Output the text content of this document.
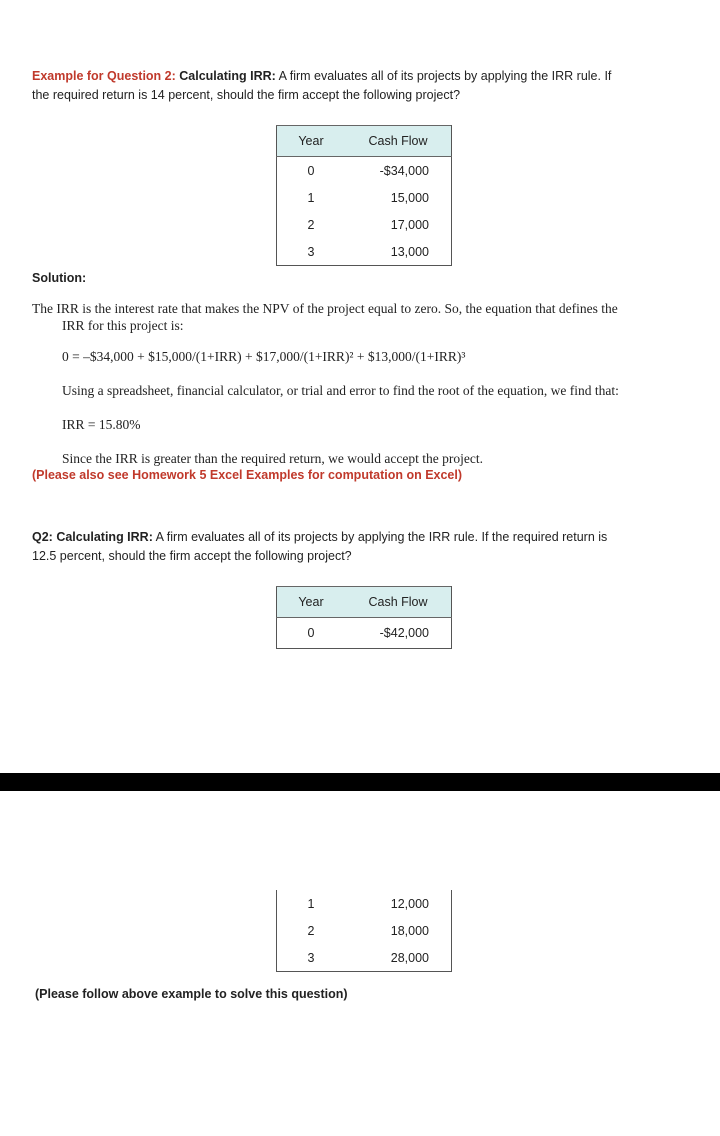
Example for Question 2: Calculating IRR: A firm evaluates all of its projects by applying the IRR rule. If
the required return is 14 percent, should the firm accept the following project?
Year	Cash Flow
0	-$34,000
1	15,000
2	17,000
3	13,000
Solution:
The IRR is the interest rate that makes the NPV of the project equal to zero. So, the equation that defines the
IRR for this project is:
0 = –$34,000 + $15,000/(1+IRR) + $17,000/(1+IRR)² + $13,000/(1+IRR)³
Using a spreadsheet, financial calculator, or trial and error to find the root of the equation, we find that:
IRR = 15.80%
Since the IRR is greater than the required return, we would accept the project.
(Please also see Homework 5 Excel Examples for computation on Excel)
Q2: Calculating IRR: A firm evaluates all of its projects by applying the IRR rule. If the required return is
12.5 percent, should the firm accept the following project?
Year	Cash Flow
0	-$42,000
1	12,000
2	18,000
3	28,000
(Please follow above example to solve this question)
